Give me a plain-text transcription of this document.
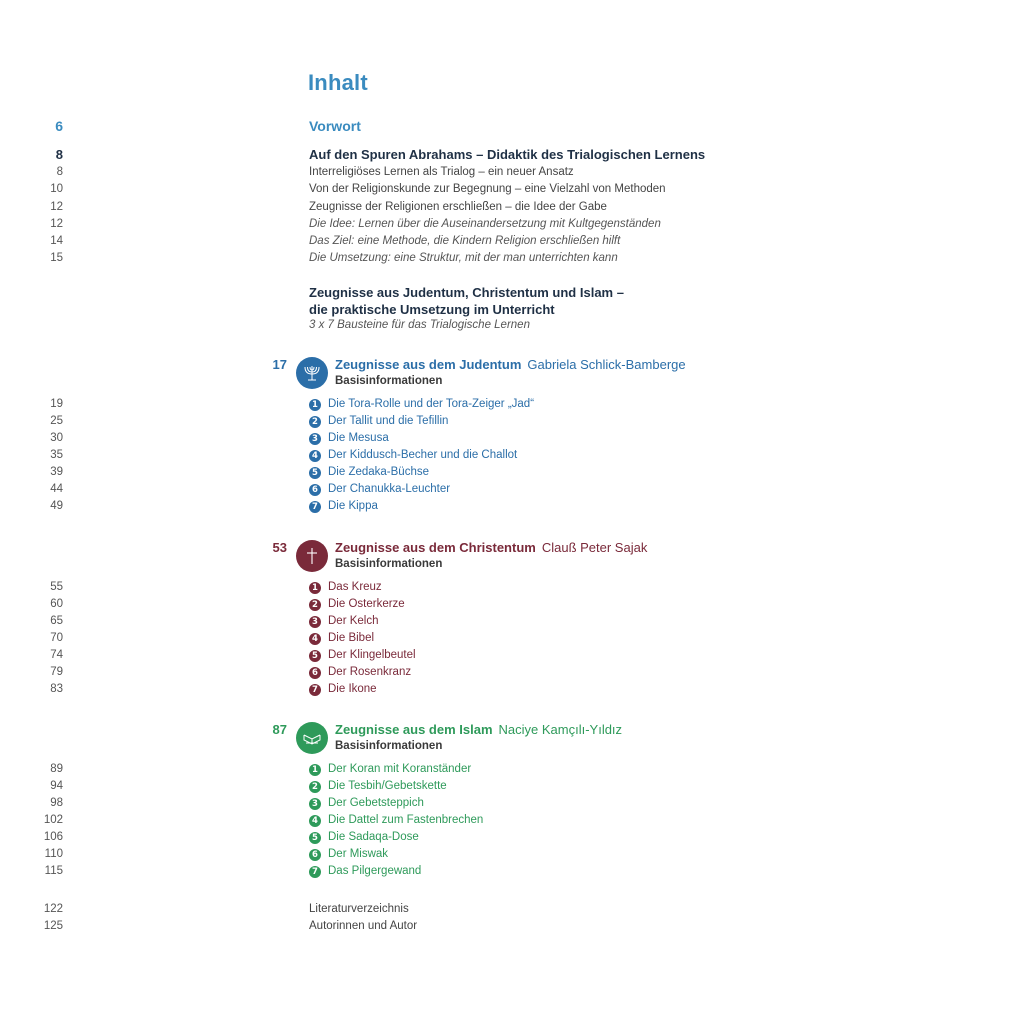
Inhalt
6	Vorwort
8	Auf den Spuren Abrahams – Didaktik des Trialogischen Lernens
8	Interreligiöses Lernen als Trialog – ein neuer Ansatz
10	Von der Religionskunde zur Begegnung – eine Vielzahl von Methoden
12	Zeugnisse der Religionen erschließen – die Idee der Gabe
12	Die Idee: Lernen über die Auseinandersetzung mit Kultgegenständen
14	Das Ziel: eine Methode, die Kindern Religion erschließen hilft
15	Die Umsetzung: eine Struktur, mit der man unterrichten kann
Zeugnisse aus Judentum, Christentum und Islam –
die praktische Umsetzung im Unterricht
3 x 7 Bausteine für das Trialogische Lernen
17	Zeugnisse aus dem Judentum Gabriela Schlick-Bamberge
Basisinformationen
19	1 Die Tora-Rolle und der Tora-Zeiger „Jad“
25	2 Der Tallit und die Tefillin
30	3 Die Mesusa
35	4 Der Kiddusch-Becher und die Challot
39	5 Die Zedaka-Büchse
44	6 Der Chanukka-Leuchter
49	7 Die Kippa
53	Zeugnisse aus dem Christentum Clauß Peter Sajak
Basisinformationen
55	1 Das Kreuz
60	2 Die Osterkerze
65	3 Der Kelch
70	4 Die Bibel
74	5 Der Klingelbeutel
79	6 Der Rosenkranz
83	7 Die Ikone
87	Zeugnisse aus dem Islam Naciye Kamçılı-Yıldız
Basisinformationen
89	1 Der Koran mit Koranständer
94	2 Die Tesbih/Gebetskette
98	3 Der Gebetsteppich
102	4 Die Dattel zum Fastenbrechen
106	5 Die Sadaqa-Dose
110	6 Der Miswak
115	7 Das Pilgergewand
122	Literaturverzeichnis
125	Autorinnen und Autor
